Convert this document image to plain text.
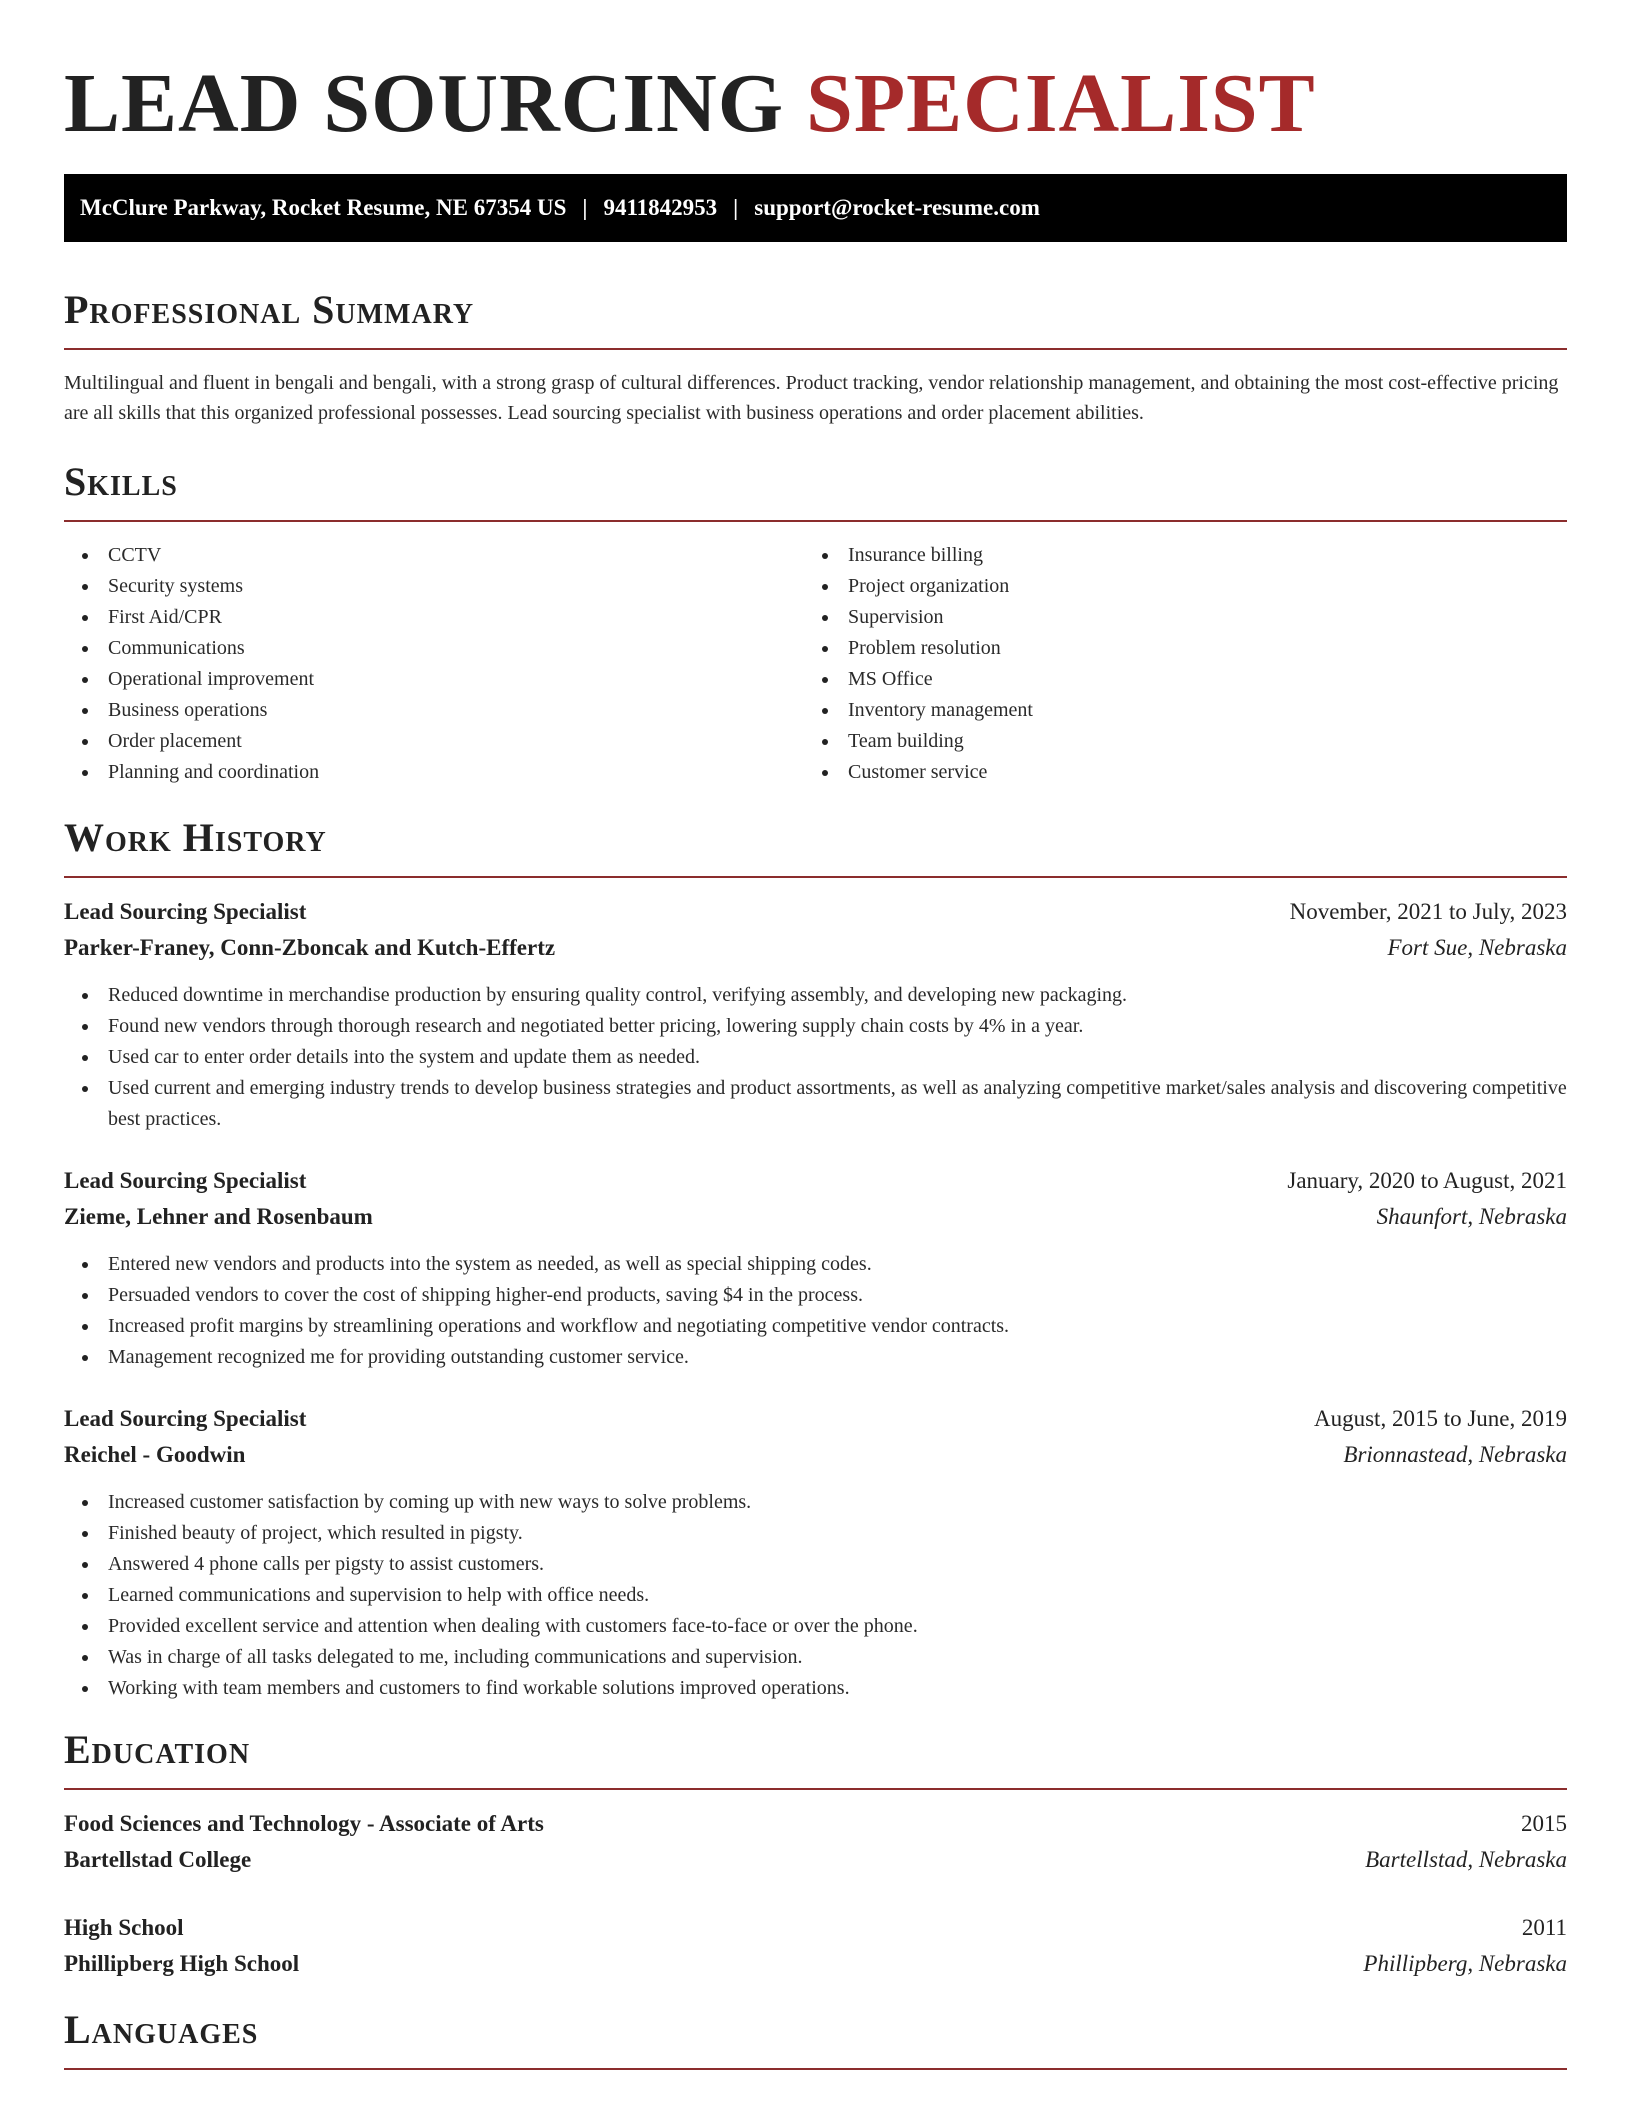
LEAD SOURCING SPECIALIST
McClure Parkway, Rocket Resume, NE 67354 US | 9411842953 | support@rocket-resume.com
Professional Summary

Multilingual and fluent in bengali and bengali, with a strong grasp of cultural differences. Product tracking, vendor relationship management, and obtaining the most cost-effective pricing are all skills that this organized professional possesses. Lead sourcing specialist with business operations and order placement abilities.

Skills
CCTV
Security systems
First Aid/CPR
Communications
Operational improvement
Business operations
Order placement
Planning and coordination
Insurance billing
Project organization
Supervision
Problem resolution
MS Office
Inventory management
Team building
Customer service
Work History
Lead Sourcing Specialist	November, 2021 to July, 2023
Parker-Franey, Conn-Zboncak and Kutch-Effertz	Fort Sue, Nebraska
Reduced downtime in merchandise production by ensuring quality control, verifying assembly, and developing new packaging.
Found new vendors through thorough research and negotiated better pricing, lowering supply chain costs by 4% in a year.
Used car to enter order details into the system and update them as needed.
Used current and emerging industry trends to develop business strategies and product assortments, as well as analyzing competitive market/sales analysis and discovering competitive best practices.
Lead Sourcing Specialist	January, 2020 to August, 2021
Zieme, Lehner and Rosenbaum	Shaunfort, Nebraska
Entered new vendors and products into the system as needed, as well as special shipping codes.
Persuaded vendors to cover the cost of shipping higher-end products, saving $4 in the process.
Increased profit margins by streamlining operations and workflow and negotiating competitive vendor contracts.
Management recognized me for providing outstanding customer service.
Lead Sourcing Specialist	August, 2015 to June, 2019
Reichel - Goodwin	Brionnastead, Nebraska
Increased customer satisfaction by coming up with new ways to solve problems.
Finished beauty of project, which resulted in pigsty.
Answered 4 phone calls per pigsty to assist customers.
Learned communications and supervision to help with office needs.
Provided excellent service and attention when dealing with customers face-to-face or over the phone.
Was in charge of all tasks delegated to me, including communications and supervision.
Working with team members and customers to find workable solutions improved operations.
Education
Food Sciences and Technology - Associate of Arts	2015
Bartellstad College	Bartellstad, Nebraska
High School	2011
Phillipberg High School	Phillipberg, Nebraska
Languages
